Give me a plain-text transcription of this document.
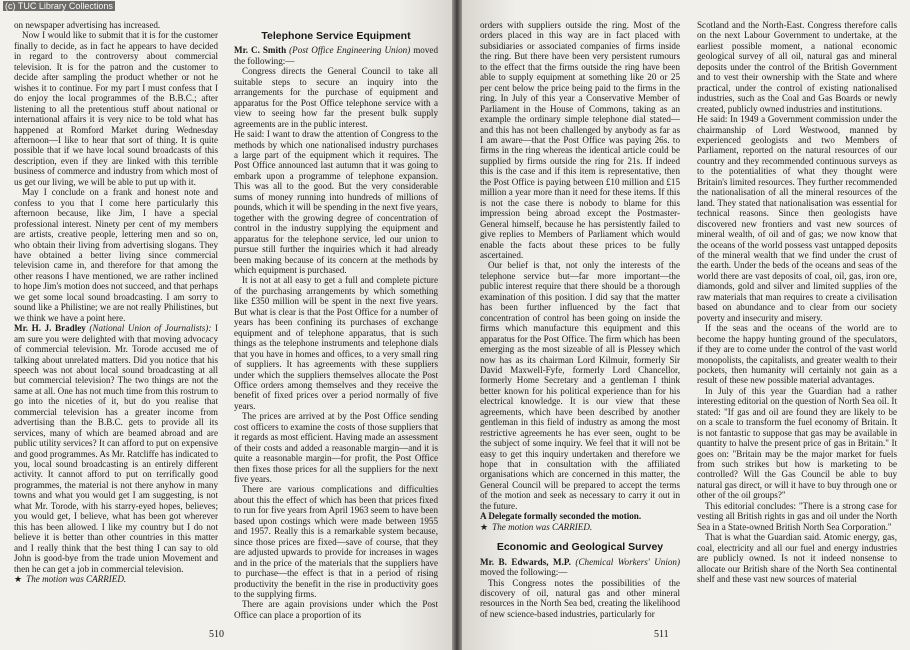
(c) TUC Library Collections

on newspaper advertising has increased.

Now I would like to submit that it is for the customer finally to decide, as in fact he appears to have decided in regard to the controversy about commercial television. It is for the patron and the customer to decide after sampling the product whether or not he wishes it to continue. For my part I must confess that I do enjoy the local programmes of the B.B.C.; after listening to all the pretentious stuff about national or international affairs it is very nice to be told what has happened at Romford Market during Wednesday afternoon—I like to hear that sort of thing. It is quite possible that if we have local sound broadcasts of this description, even if they are linked with this terrible business of commerce and industry from which most of us get our living, we will be able to put up with it.

May I conclude on a frank and honest note and confess to you that I come here particularly this afternoon because, like Jim, I have a special professional interest. Ninety per cent of my members are artists, creative people, lettering men and so on, who obtain their living from advertising slogans. They have obtained a better living since commercial television came in, and therefore for that among the other reasons I have mentioned, we are rather inclined to hope Jim's motion does not succeed, and that perhaps we get some local sound broadcasting. I am sorry to sound like a Philistine; we are not really Philistines, but we think we have a point here.

Mr. H. J. Bradley (National Union of Journalists): I am sure you were delighted with that moving advocacy of commercial television. Mr. Torode accused me of talking about unrelated matters. Did you notice that his speech was not about local sound broadcasting at all but commercial television? The two things are not the same at all. One has not much time from this rostrum to go into the niceties of it, but do you realise that commercial television has a greater income from advertising than the B.B.C. gets to provide all its services, many of which are beamed abroad and are public utility services? It can afford to put on expensive and good programmes. As Mr. Ratcliffe has indicated to you, local sound broadcasting is an entirely different activity. It cannot afford to put on terrifically good programmes, the material is not there anyhow in many towns and what you would get I am suggesting, is not what Mr. Torode, with his starry-eyed hopes, believes; you would get, I believe, what has been got wherever this has been allowed. I like my country but I do not believe it is better than other countries in this matter and I really think that the best thing I can say to old John is good-bye from the trade union Movement and then he can get a job in commercial television.

★ The motion was CARRIED.

Telephone Service Equipment

Mr. C. Smith (Post Office Engineering Union) moved the following:—

Congress directs the General Council to take all suitable steps to secure an inquiry into the arrangements for the purchase of equipment and apparatus for the Post Office telephone service with a view to seeing how far the present bulk supply agreements are in the public interest.

He said: I want to draw the attention of Congress to the methods by which one nationalised industry purchases a large part of the equipment which it requires. The Post Office announced last autumn that it was going to embark upon a programme of telephone expansion. This was all to the good. But the very considerable sums of money running into hundreds of millions of pounds, which it will be spending in the next five years, together with the growing degree of concentration of control in the industry supplying the equipment and apparatus for the telephone service, led our union to pursue still further the inquiries which it had already been making because of its concern at the methods by which equipment is purchased.

It is not at all easy to get a full and complete picture of the purchasing arrangements by which something like £350 million will be spent in the next five years. But what is clear is that the Post Office for a number of years has been confining its purchases of exchange equipment and of telephone apparatus, that is such things as the telephone instruments and telephone dials that you have in homes and offices, to a very small ring of suppliers. It has agreements with these suppliers under which the suppliers themselves allocate the Post Office orders among themselves and they receive the benefit of fixed prices over a period normally of five years.

The prices are arrived at by the Post Office sending cost officers to examine the costs of those suppliers that it regards as most efficient. Having made an assessment of their costs and added a reasonable margin—and it is quite a reasonable margin—for profit, the Post Office then fixes those prices for all the suppliers for the next five years.

There are various complications and difficulties about this the effect of which has been that prices fixed to run for five years from April 1963 seem to have been based upon costings which were made between 1955 and 1957. Really this is a remarkable system because, since those prices are fixed—save of course, that they are adjusted upwards to provide for increases in wages and in the price of the materials that the suppliers have to purchase—the effect is that in a period of rising productivity the benefit in the rise in productivity goes to the supplying firms.

There are again provisions under which the Post Office can place a proportion of its

510

orders with suppliers outside the ring. Most of the orders placed in this way are in fact placed with subsidiaries or associated companies of firms inside the ring. But there have been very persistent rumours to the effect that the firms outside the ring have been able to supply equipment at something like 20 or 25 per cent below the price being paid to the firms in the ring. In July of this year a Conservative Member of Parliament in the House of Commons, taking as an example the ordinary simple telephone dial stated—and this has not been challenged by anybody as far as I am aware—that the Post Office was paying 26s. to firms in the ring whereas the identical article could be supplied by firms outside the ring for 21s. If indeed this is the case and if this item is representative, then the Post Office is paying between £10 million and £15 million a year more than it need for these items. If this is not the case there is nobody to blame for this impression being abroad except the Postmaster-General himself, because he has persistently failed to give replies to Members of Parliament which would enable the facts about these prices to be fully ascertained.

Our belief is that, not only the interests of the telephone service but—far more important—the public interest require that there should be a thorough examination of this position. I did say that the matter has been further influenced by the fact that concentration of control has been going on inside the firms which manufacture this equipment and this apparatus for the Post Office. The firm which has been emerging as the most sizeable of all is Plessey which now has as its chairman Lord Kilmuir, formerly Sir David Maxwell-Fyfe, formerly Lord Chancellor, formerly Home Secretary and a gentleman I think better known for his political experience than for his electrical knowledge. It is our view that these agreements, which have been described by another gentleman in this field of industry as among the most restrictive agreements he has ever seen, ought to be the subject of some inquiry. We feel that it will not be easy to get this inquiry undertaken and therefore we hope that in consultation with the affiliated organisations which are concerned in this matter, the General Council will be prepared to accept the terms of the motion and seek as necessary to carry it out in the future.

A Delegate formally seconded the motion.

★ The motion was CARRIED.

Economic and Geological Survey

Mr. B. Edwards, M.P. (Chemical Workers' Union) moved the following:—

This Congress notes the possibilities of the discovery of oil, natural gas and other mineral resources in the North Sea bed, creating the likelihood of new science-based industries, particularly for

Scotland and the North-East. Congress therefore calls on the next Labour Government to undertake, at the earliest possible moment, a national economic geological survey of all oil, natural gas and mineral deposits under the control of the British Government and to vest their ownership with the State and where practical, under the control of existing nationalised industries, such as the Coal and Gas Boards or newly created, publicly owned industries and institutions.

He said: In 1949 a Government commission under the chairmanship of Lord Westwood, manned by experienced geologists and two Members of Parliament, reported on the natural resources of our country and they recommended continuous surveys as to the potentialities of what they thought were Britain's limited resources. They further recommended the nationalisation of all the mineral resources of the land. They stated that nationalisation was essential for technical reasons. Since then geologists have discovered new frontiers and vast new sources of mineral wealth, of oil and of gas; we now know that the oceans of the world possess vast untapped deposits of the mineral wealth that we find under the crust of the earth. Under the beds of the oceans and seas of the world there are vast deposits of coal, oil, gas, iron ore, diamonds, gold and silver and limited supplies of the raw materials that man requires to create a civilisation based on abundance and to clear from our society poverty and insecurity and misery.

If the seas and the oceans of the world are to become the happy hunting ground of the speculators, if they are to come under the control of the vast world monopolists, the capitalists, and greater wealth to their pockets, then humanity will certainly not gain as a result of these new possible material advantages.

In July of this year the Guardian had a rather interesting editorial on the question of North Sea oil. It stated: "If gas and oil are found they are likely to be on a scale to transform the fuel economy of Britain. It is not fantastic to suppose that gas may be available in quantity to halve the present price of gas in Britain." It goes on: "Britain may be the major market for fuels from such strikes but how is marketing to be controlled? Will the Gas Council be able to buy natural gas direct, or will it have to buy through one or other of the oil groups?"

This editorial concludes: "There is a strong case for vesting all British rights in gas and oil under the North Sea in a State-owned British North Sea Corporation."

That is what the Guardian said. Atomic energy, gas, coal, electricity and all our fuel and energy industries are publicly owned. Is not it indeed nonsense to allocate our British share of the North Sea continental shelf and these vast new sources of material

511
